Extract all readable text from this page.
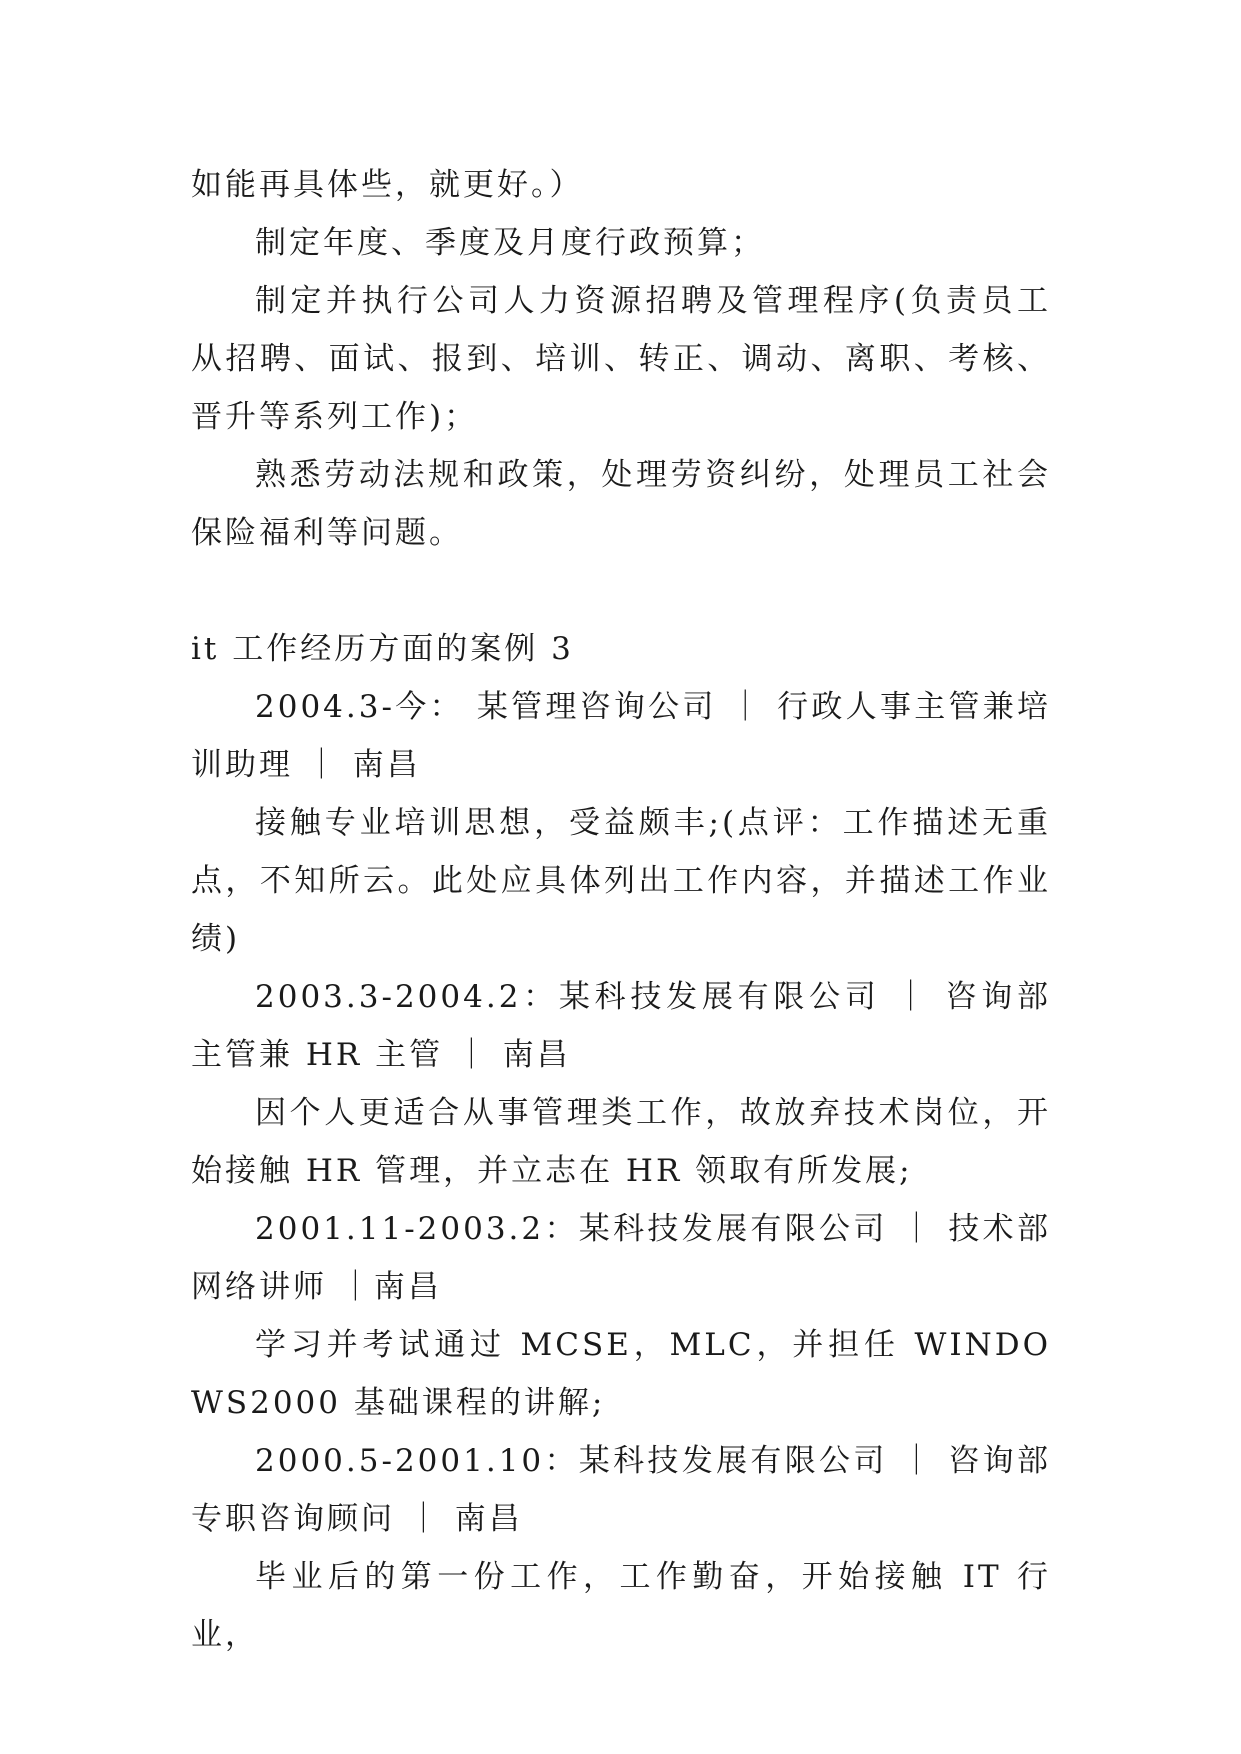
如能再具体些，就更好。）

制定年度、季度及月度行政预算；

制定并执行公司人力资源招聘及管理程序(负责员工从招聘、面试、报到、培训、转正、调动、离职、考核、晋升等系列工作)；

熟悉劳动法规和政策，处理劳资纠纷，处理员工社会保险福利等问题。

it 工作经历方面的案例 3

2004.3-今： 某管理咨询公司 ｜ 行政人事主管兼培训助理 ｜ 南昌

接触专业培训思想，受益颇丰;(点评：工作描述无重点，不知所云。此处应具体列出工作内容，并描述工作业绩)

2003.3-2004.2：某科技发展有限公司 ｜ 咨询部主管兼 HR 主管 ｜ 南昌

因个人更适合从事管理类工作，故放弃技术岗位，开始接触 HR 管理，并立志在 HR 领取有所发展;

2001.11-2003.2：某科技发展有限公司 ｜ 技术部网络讲师 ｜南昌

学习并考试通过 MCSE，MLC，并担任 WINDOWS2000 基础课程的讲解;

2000.5-2001.10：某科技发展有限公司 ｜ 咨询部专职咨询顾问 ｜ 南昌

毕业后的第一份工作，工作勤奋，开始接触 IT 行业，
